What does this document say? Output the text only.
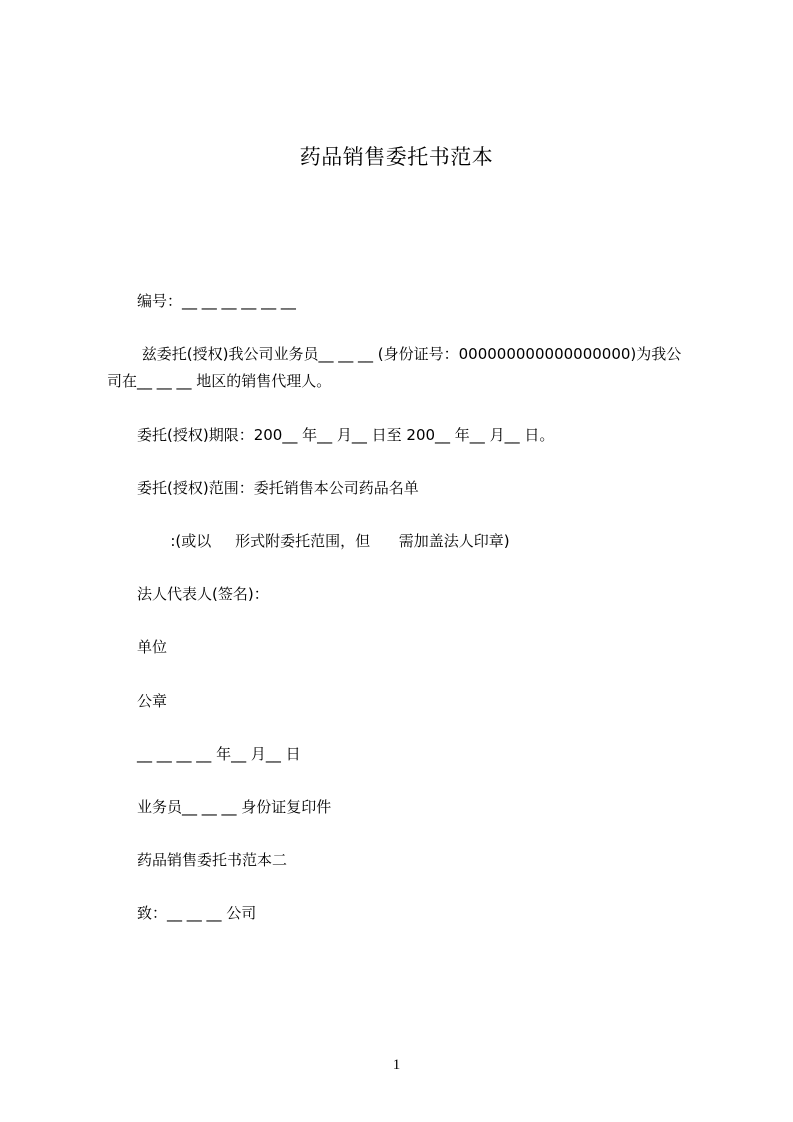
药品销售委托书范本
编号：__ __ __ __ __ __
兹委托(授权)我公司业务员__ __ __ (身份证号：000000000000000000)为我公
司在__ __ __ 地区的销售代理人。
委托(授权)期限：200__ 年__ 月__ 日至 200__ 年__ 月__ 日。
委托(授权)范围：委托销售本公司药品名单
:(或以     形式附委托范围，但      需加盖法人印章)
法人代表人(签名)：
单位
公章
__ __ __ __ 年__ 月__ 日
业务员__ __ __ 身份证复印件
药品销售委托书范本二
致：__ __ __ 公司
1
